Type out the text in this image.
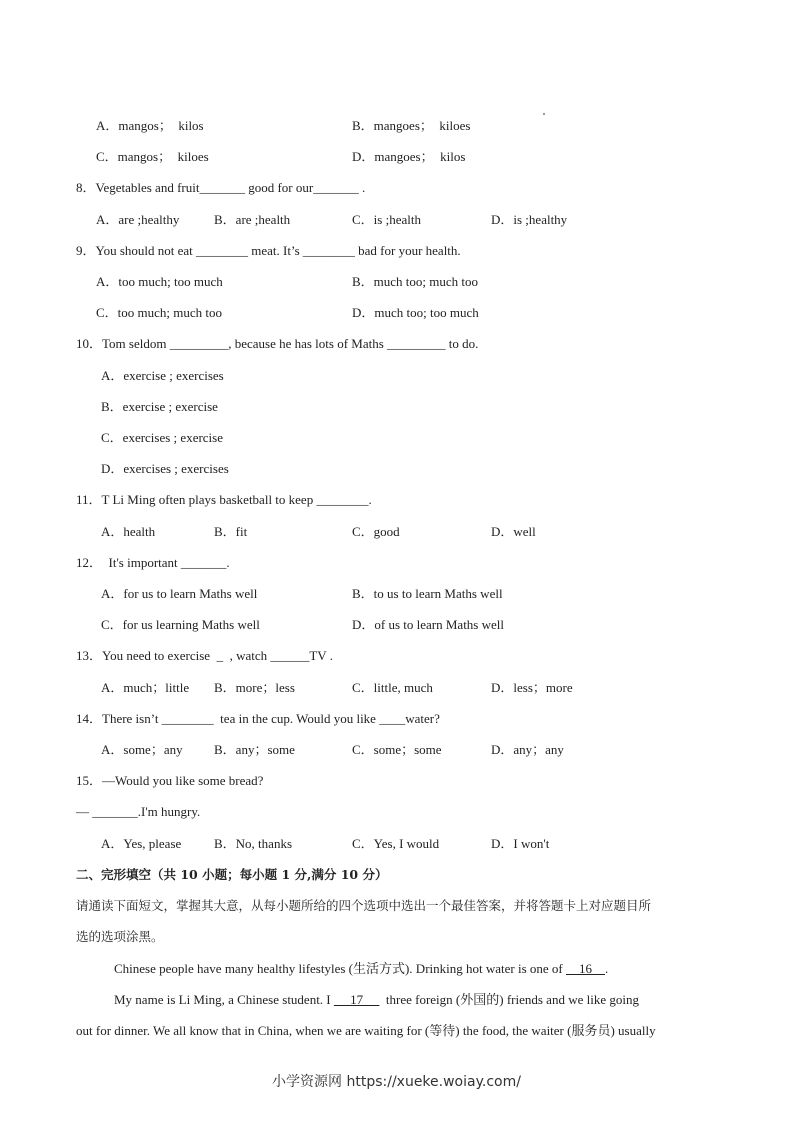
A．mangos；  kilos	B．mangoes；  kiloes
C．mangos；  kiloes	D．mangoes；  kilos
8．Vegetables and fruit_______ good for our_______ .
A．are ;healthy	B．are ;health	C．is ;health	D．is ;healthy
9．You should not eat ________ meat. It’s ________ bad for your health.
A．too much; too much	B．much too; much too
C．too much; much too	D．much too; too much
10．Tom seldom _________, because he has lots of Maths _________ to do.
A．exercise ; exercises
B．exercise ; exercise
C．exercises ; exercise
D．exercises ; exercises
11．T Li Ming often plays basketball to keep ________.
A．health	B．fit	C．good	D．well
12．  It's important _______.
A．for us to learn Maths well	B．to us to learn Maths well
C．for us learning Maths well	D．of us to learn Maths well
13．You need to exercise  _  , watch ______TV .
A．much；little B．more；less	C．little, much	D．less；more
14．There isn’t ________  tea in the cup. Would you like ____water?
A．some；any B．any；some	C．some；some	D．any；any
15．—Would you like some bread?
— _______.I'm hungry.
A．Yes, please	B．No, thanks	C．Yes, I would	D．I won't
二、完形填空（共 10 小题；每小题 1 分,满分 10 分）
请通读下面短文，掌握其大意，从每小题所给的四个选项中选出一个最佳答案，并将答题卡上对应题目所
选的选项涂黑。
Chinese people have many healthy lifestyles (生活方式). Drinking hot water is one of     16    .
My name is Li Ming, a Chinese student. I      17       three foreign (外国的) friends and we like going
out for dinner. We all know that in China, when we are waiting for (等待) the food, the waiter (服务员) usually
小学资源网 https://xueke.woiay.com/
